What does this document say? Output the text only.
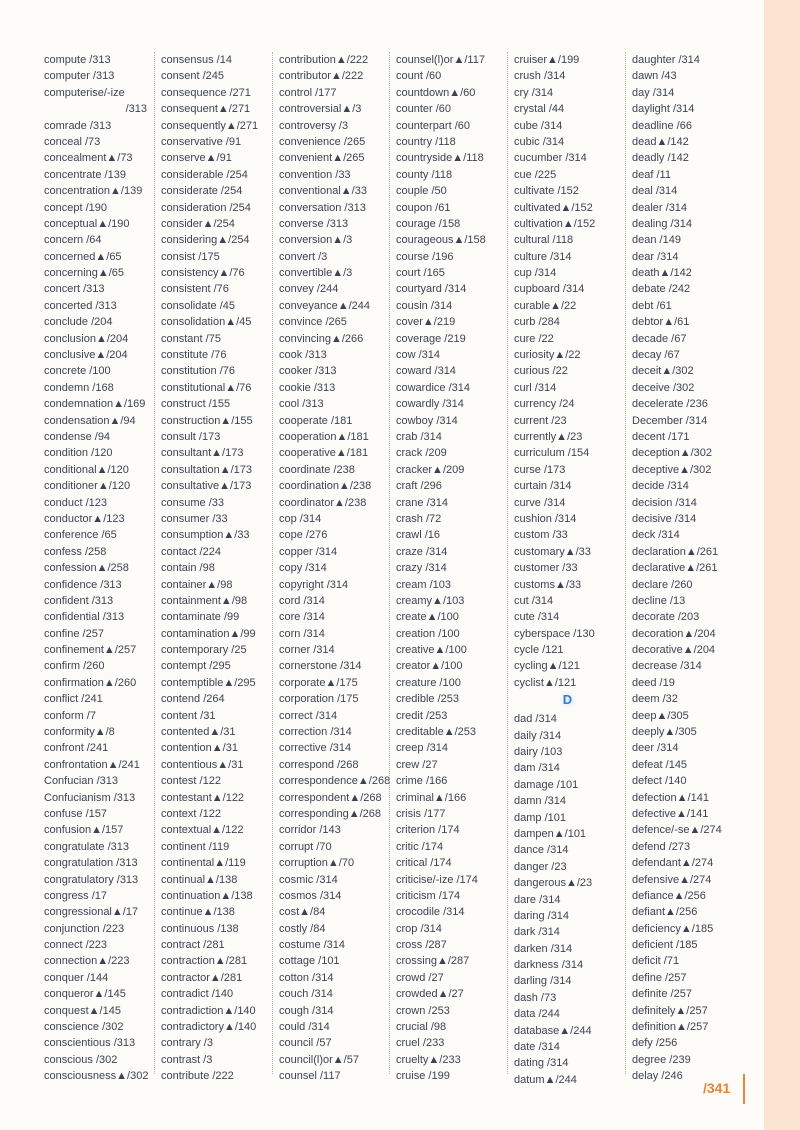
compute /313
computer /313
computerise/-ize
/313
comrade /313
conceal /73
concealment▲/73
concentrate /139
concentration▲/139
concept /190
conceptual▲/190
concern /64
concerned▲/65
concerning▲/65
concert /313
concerted /313
conclude /204
conclusion▲/204
conclusive▲/204
concrete /100
condemn /168
condemnation▲/169
condensation▲/94
condense /94
condition /120
conditional▲/120
conditioner▲/120
conduct /123
conductor▲/123
conference /65
confess /258
confession▲/258
confidence /313
confident /313
confidential /313
confine /257
confinement▲/257
confirm /260
confirmation▲/260
conflict /241
conform /7
conformity▲/8
confront /241
confrontation▲/241
Confucian /313
Confucianism /313
confuse /157
confusion▲/157
congratulate /313
congratulation /313
congratulatory /313
congress /17
congressional▲/17
conjunction /223
connect /223
connection▲/223
conquer /144
conqueror▲/145
conquest▲/145
conscience /302
conscientious /313
conscious /302
consciousness▲/302
consensus /14
consent /245
consequence /271
consequent▲/271
consequently▲/271
conservative /91
conserve▲/91
considerable /254
considerate /254
consideration /254
consider▲/254
considering▲/254
consist /175
consistency▲/76
consistent /76
consolidate /45
consolidation▲/45
constant /75
constitute /76
constitution /76
constitutional▲/76
construct /155
construction▲/155
consult /173
consultant▲/173
consultation▲/173
consultative▲/173
consume /33
consumer /33
consumption▲/33
contact /224
contain /98
container▲/98
containment▲/98
contaminate /99
contamination▲/99
contemporary /25
contempt /295
contemptible▲/295
contend /264
content /31
contented▲/31
contention▲/31
contentious▲/31
contest /122
contestant▲/122
context /122
contextual▲/122
continent /119
continental▲/119
continual▲/138
continuation▲/138
continue▲/138
continuous /138
contract /281
contraction▲/281
contractor▲/281
contradict /140
contradiction▲/140
contradictory▲/140
contrary /3
contrast /3
contribute /222
contribution▲/222
contributor▲/222
control /177
controversial▲/3
controversy /3
convenience /265
convenient▲/265
convention /33
conventional▲/33
conversation /313
converse /313
conversion▲/3
convert /3
convertible▲/3
convey /244
conveyance▲/244
convince /265
convincing▲/266
cook /313
cooker /313
cookie /313
cool /313
cooperate /181
cooperation▲/181
cooperative▲/181
coordinate /238
coordination▲/238
coordinator▲/238
cop /314
cope /276
copper /314
copy /314
copyright /314
cord /314
core /314
corn /314
corner /314
cornerstone /314
corporate▲/175
corporation /175
correct /314
correction /314
corrective /314
correspond /268
correspondence▲/268
correspondent▲/268
corresponding▲/268
corridor /143
corrupt /70
corruption▲/70
cosmic /314
cosmos /314
cost▲/84
costly /84
costume /314
cottage /101
cotton /314
couch /314
cough /314
could /314
council /57
council(l)or▲/57
counsel /117
counsel(l)or▲/117
count /60
countdown▲/60
counter /60
counterpart /60
country /118
countryside▲/118
county /118
couple /50
coupon /61
courage /158
courageous▲/158
course /196
court /165
courtyard /314
cousin /314
cover▲/219
coverage /219
cow /314
coward /314
cowardice /314
cowardly /314
cowboy /314
crab /314
crack /209
cracker▲/209
craft /296
crane /314
crash /72
crawl /16
craze /314
crazy /314
cream /103
creamy▲/103
create▲/100
creation /100
creative▲/100
creator▲/100
creature /100
credible /253
credit /253
creditable▲/253
creep /314
crew /27
crime /166
criminal▲/166
crisis /177
criterion /174
critic /174
critical /174
criticise/-ize /174
criticism /174
crocodile /314
crop /314
cross /287
crossing▲/287
crowd /27
crowded▲/27
crown /253
crucial /98
cruel /233
cruelty▲/233
cruise /199
cruiser▲/199
crush /314
cry /314
crystal /44
cube /314
cubic /314
cucumber /314
cue /225
cultivate /152
cultivated▲/152
cultivation▲/152
cultural /118
culture /314
cup /314
cupboard /314
curable▲/22
curb /284
cure /22
curiosity▲/22
curious /22
curl /314
currency /24
current /23
currently▲/23
curriculum /154
curse /173
curtain /314
curve /314
cushion /314
custom /33
customary▲/33
customer /33
customs▲/33
cut /314
cute /314
cyberspace /130
cycle /121
cycling▲/121
cyclist▲/121
D
dad /314
daily /314
dairy /103
dam /314
damage /101
damn /314
damp /101
dampen▲/101
dance /314
danger /23
dangerous▲/23
dare /314
daring /314
dark /314
darken /314
darkness /314
darling /314
dash /73
data /244
database▲/244
date /314
dating /314
datum▲/244
daughter /314
dawn /43
day /314
daylight /314
deadline /66
dead▲/142
deadly /142
deaf /11
deal /314
dealer /314
dealing /314
dean /149
dear /314
death▲/142
debate /242
debt /61
debtor▲/61
decade /67
decay /67
deceit▲/302
deceive /302
decelerate /236
December /314
decent /171
deception▲/302
deceptive▲/302
decide /314
decision /314
decisive /314
deck /314
declaration▲/261
declarative▲/261
declare /260
decline /13
decorate /203
decoration▲/204
decorative▲/204
decrease /314
deed /19
deem /32
deep▲/305
deeply▲/305
deer /314
defeat /145
defect /140
defection▲/141
defective▲/141
defence/-se▲/274
defend /273
defendant▲/274
defensive▲/274
defiance▲/256
defiant▲/256
deficiency▲/185
deficient /185
deficit /71
define /257
definite /257
definitely▲/257
definition▲/257
defy /256
degree /239
delay /246
/341
